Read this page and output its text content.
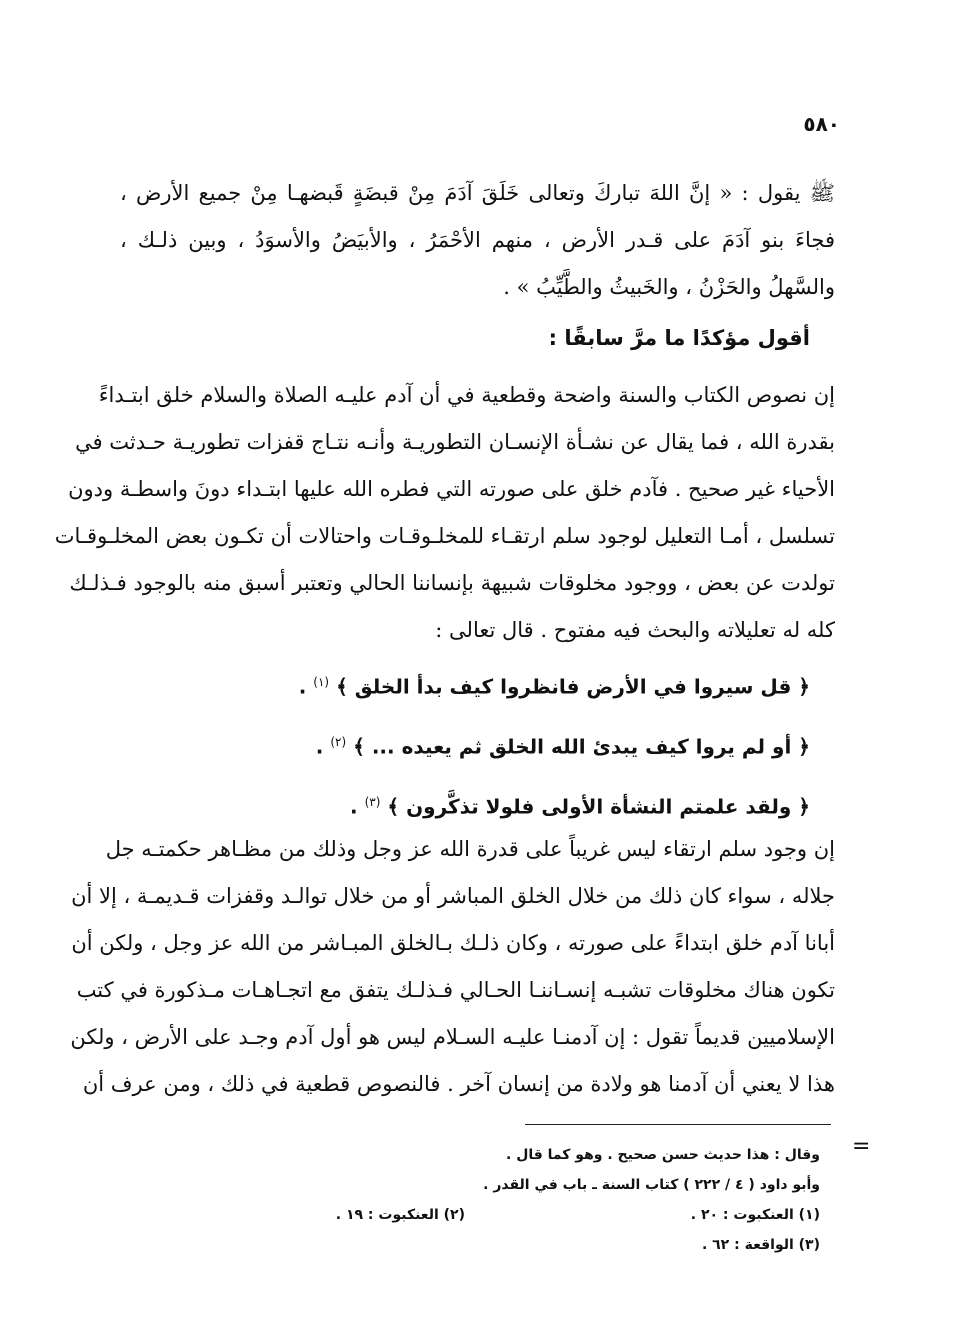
٥٨٠
ﷺ يقول : « إنَّ اللهَ تباركَ وتعالى خَلَقَ آدَمَ مِنْ قبضَةٍ قَبضهـا مِنْ جميع الأرض ،
فجاءَ بنو آدَمَ على قـدر الأرض ، منهم الأحْمَرُ ، والأبيَضُ والأسوَدُ ، وبين ذلـك ،
والسَّهلُ والحَزْنُ ، والخَبيثُ والطَّيِّبُ » .
أقول مؤكدًا ما مرَّ سابقًا :
إن نصوص الكتاب والسنة واضحة وقطعية في أن آدم عليـه الصلاة والسلام خلق ابتـداءً
بقدرة الله ، فما يقال عن نشـأة الإنسـان التطوريـة وأنـه نتـاج قفزات تطوريـة حـدثت في
الأحياء غير صحيح . فآدم خلق على صورته التي فطره الله عليها ابتـداء دونَ واسطـة ودون
تسلسل ، أمـا التعليل لوجود سلم ارتقـاء للمخلـوقـات واحتالات أن تكـون بعض المخلـوقـات
تولدت عن بعض ، ووجود مخلوقات شبيهة بإنساننا الحالي وتعتبر أسبق منه بالوجود فـذلـك
كله له تعليلاته والبحث فيه مفتوح . قال تعالى :
﴿ قل سيروا في الأرض فانظروا كيف بدأ الخلق ﴾ $^{(١)}$ .
﴿ أو لم يروا كيف يبدئ الله الخلق ثم يعيده ... ﴾ $^{(٢)}$ .
﴿ ولقد علمتم النشأة الأولى فلولا تذكَّرون ﴾ $^{(٣)}$ .
إن وجود سلم ارتقاء ليس غريباً على قدرة الله عز وجل وذلك من مظـاهر حكمتـه جل
جلاله ، سواء كان ذلك من خلال الخلق المباشر أو من خلال توالـد وقفزات قـديمـة ، إلا أن
أبانا آدم خلق ابتداءً على صورته ، وكان ذلـك بـالخلق المبـاشر من الله عز وجل ، ولكن أن
تكون هناك مخلوقات تشبـه إنسـاننـا الحـالي فـذلـك يتفق مع اتجـاهـات مـذكورة في كتب
الإسلاميين قديماً تقول : إن آدمنـا عليـه السـلام ليس هو أول آدم وجـد على الأرض ، ولكن
هذا لا يعني أن آدمنا هو ولادة من إنسان آخر . فالنصوص قطعية في ذلك ، ومن عرف أن
=
وقال : هذا حديث حسن صحيح . وهو كما قال .
وأبو داود ( ٤ / ٢٢٢ ) كتاب السنة ـ باب في القدر .
(١) العنكبوت : ٢٠ .
(٢) العنكبوت : ١٩ .
(٣) الواقعة : ٦٢ .
